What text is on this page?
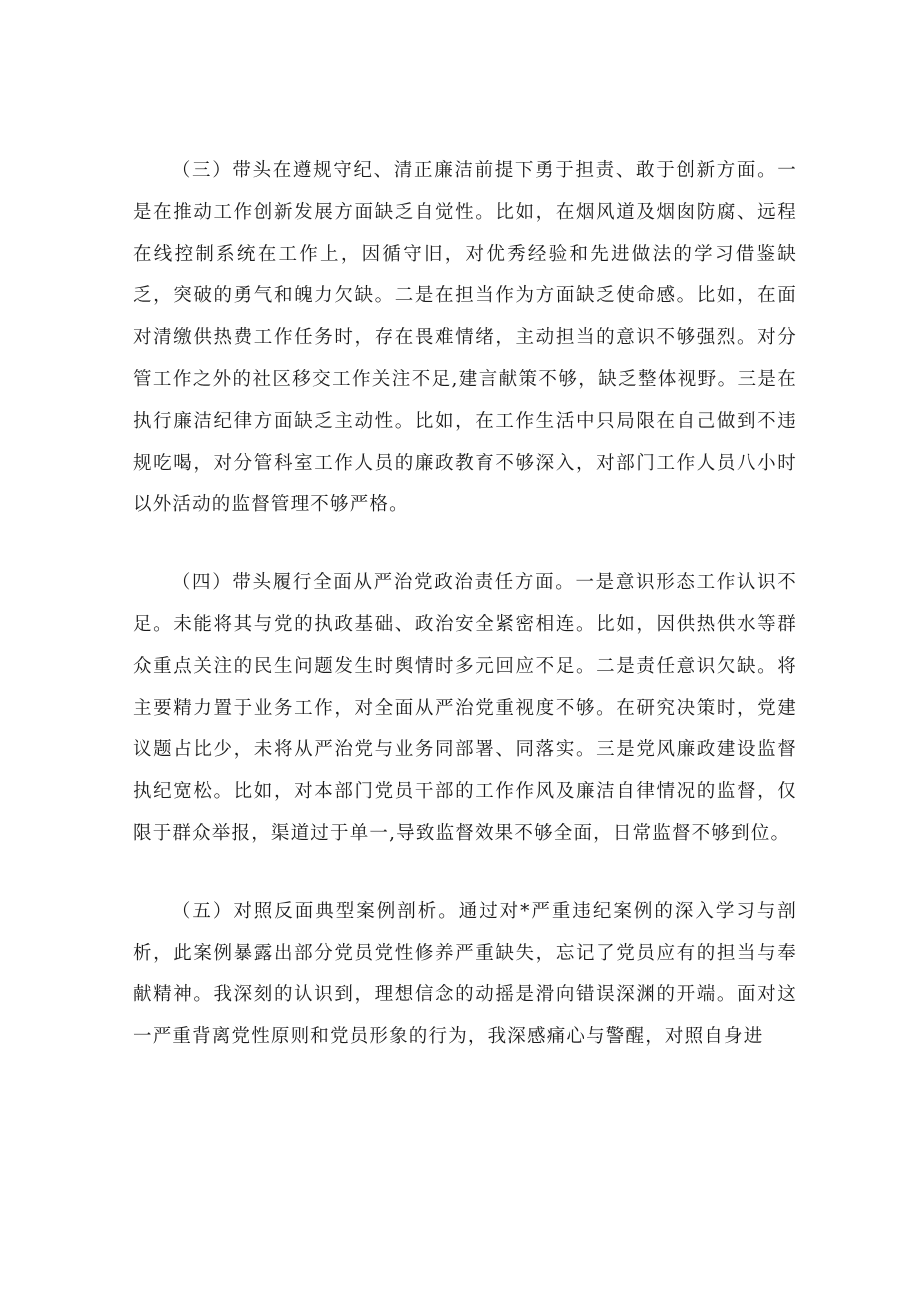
（三）带头在遵规守纪、清正廉洁前提下勇于担责、敢于创新方面。一是在推动工作创新发展方面缺乏自觉性。比如，在烟风道及烟囱防腐、远程在线控制系统在工作上，因循守旧，对优秀经验和先进做法的学习借鉴缺乏，突破的勇气和魄力欠缺。二是在担当作为方面缺乏使命感。比如，在面对清缴供热费工作任务时，存在畏难情绪，主动担当的意识不够强烈。对分管工作之外的社区移交工作关注不足,建言献策不够，缺乏整体视野。三是在执行廉洁纪律方面缺乏主动性。比如，在工作生活中只局限在自己做到不违规吃喝，对分管科室工作人员的廉政教育不够深入，对部门工作人员八小时以外活动的监督管理不够严格。

（四）带头履行全面从严治党政治责任方面。一是意识形态工作认识不足。未能将其与党的执政基础、政治安全紧密相连。比如，因供热供水等群众重点关注的民生问题发生时舆情时多元回应不足。二是责任意识欠缺。将主要精力置于业务工作，对全面从严治党重视度不够。在研究决策时，党建议题占比少，未将从严治党与业务同部署、同落实。三是党风廉政建设监督执纪宽松。比如，对本部门党员干部的工作作风及廉洁自律情况的监督，仅限于群众举报，渠道过于单一,导致监督效果不够全面，日常监督不够到位。

（五）对照反面典型案例剖析。通过对*严重违纪案例的深入学习与剖析，此案例暴露出部分党员党性修养严重缺失，忘记了党员应有的担当与奉献精神。我深刻的认识到，理想信念的动摇是滑向错误深渊的开端。面对这一严重背离党性原则和党员形象的行为，我深感痛心与警醒，对照自身进
